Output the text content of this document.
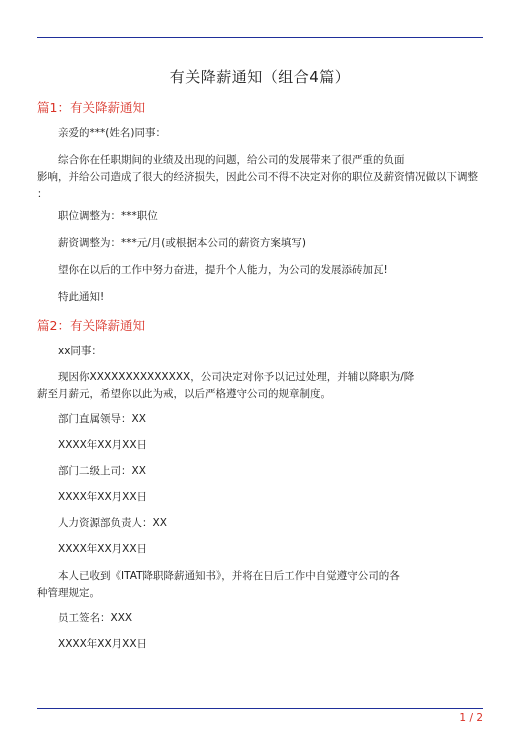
有关降薪通知（组合4篇）
篇1：有关降薪通知
亲爱的***(姓名)同事：
综合你在任职期间的业绩及出现的问题，给公司的发展带来了很严重的负面
影响，并给公司造成了很大的经济损失，因此公司不得不决定对你的职位及薪资情况做以下调整
：
职位调整为：***职位
薪资调整为：***元/月(或根据本公司的薪资方案填写)
望你在以后的工作中努力奋进，提升个人能力，为公司的发展添砖加瓦!
特此通知!
篇2：有关降薪通知
xx同事：
现因你XXXXXXXXXXXXXX，公司决定对你予以记过处理，并辅以降职为/降
薪至月薪元，希望你以此为戒，以后严格遵守公司的规章制度。
部门直属领导：XX
XXXX年XX月XX日
部门二级上司：XX
XXXX年XX月XX日
人力资源部负责人：XX
XXXX年XX月XX日
本人已收到《ITAT降职降薪通知书》，并将在日后工作中自觉遵守公司的各
种管理规定。
员工签名：XXX
XXXX年XX月XX日
1 / 2
